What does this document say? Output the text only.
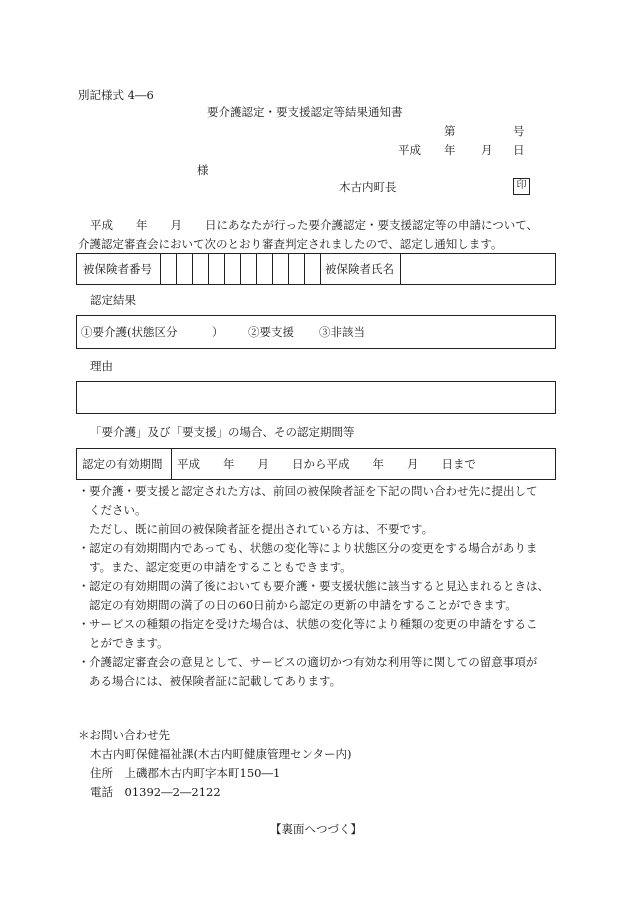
別記様式 4―6
要介護認定・要支援認定等結果通知書
第	号
平成 年 月 日
様
木古内町長	印
平成　　年　　月　　日にあなたが行った要介護認定・要支援認定等の申請について、
介護認定審査会において次のとおり審査判定されましたので、認定し通知します。
被保険者番号	被保険者氏名
認定結果
①要介護(状態区分　　　） ②要支援 ③非該当
理由
「要介護」及び「要支援」の場合、その認定期間等
認定の有効期間 平成　　年　　月　　日から平成　　年　　月　　日まで
・ 要介護・要支援と認定された方は、前回の被保険者証を下記の問い合わせ先に提出して
ください。
ただし、既に前回の被保険者証を提出されている方は、不要です。
・ 認定の有効期間内であっても、状態の変化等により状態区分の変更をする場合がありま
す。また、認定変更の申請をすることもできます。
・ 認定の有効期間の満了後においても要介護・要支援状態に該当すると見込まれるときは、
認定の有効期間の満了の日の60日前から認定の更新の申請をすることができます。
・ サービスの種類の指定を受けた場合は、状態の変化等により種類の変更の申請をするこ
とができます。
・ 介護認定審査会の意見として、サービスの適切かつ有効な利用等に関しての留意事項が
ある場合には、被保険者証に記載してあります。
＊お問い合わせ先
木古内町保健福祉課(木古内町健康管理センター内)
住所　上磯郡木古内町字本町150―1
電話　01392―2―2122
【裏面へつづく】
